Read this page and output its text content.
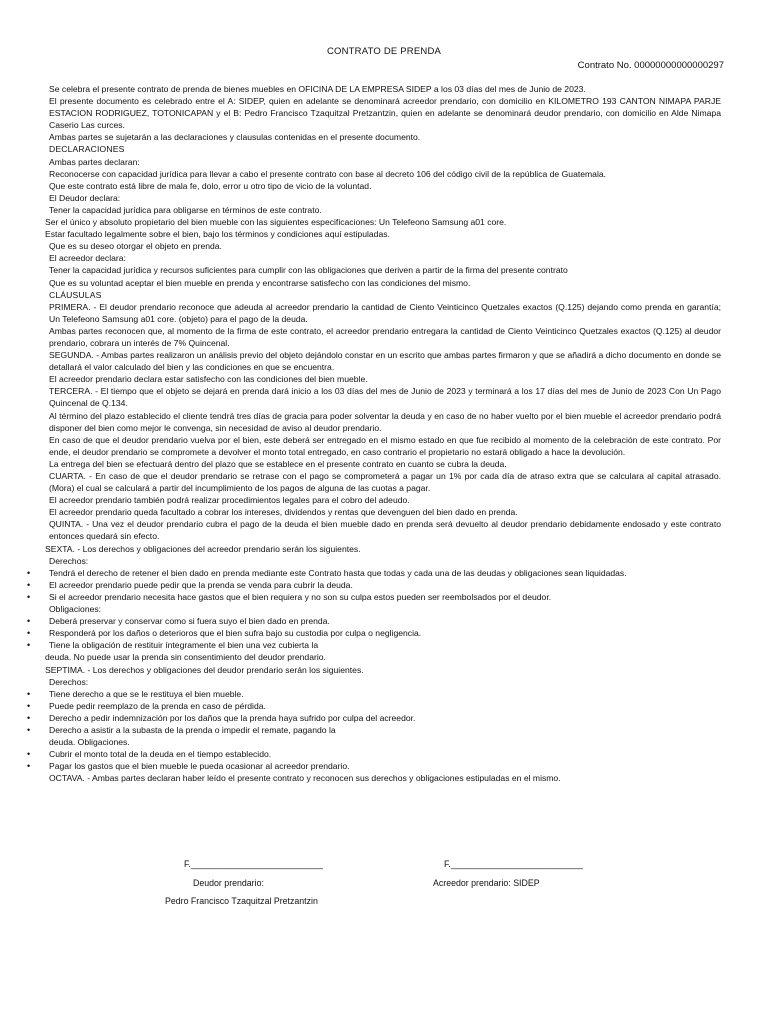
CONTRATO DE PRENDA
Contrato No. 00000000000000297

Se celebra el presente contrato de prenda de bienes muebles en OFICINA DE LA EMPRESA SIDEP a los 03 días del mes de Junio de 2023.

El presente documento es celebrado entre el A: SIDEP, quien en adelante se denominará acreedor prendario, con domicilio en KILOMETRO 193 CANTON NIMAPA PARJE ESTACION RODRIGUEZ, TOTONICAPAN y el B: Pedro Francisco Tzaquitzal Pretzantzin, quien en adelante se denominará deudor prendario, con domicilio en Alde Nimapa Caserio Las curces.

Ambas partes se sujetarán a las declaraciones y clausulas contenidas en el presente documento.

DECLARACIONES

Ambas partes declaran:

Reconocerse con capacidad jurídica para llevar a cabo el presente contrato con base al decreto 106 del código civil de la república de Guatemala.

Que este contrato está libre de mala fe, dolo, error u otro tipo de vicio de la voluntad.

El Deudor declara:

Tener la capacidad jurídica para obligarse en términos de este contrato.

Ser el único y absoluto propietario del bien mueble con las siguientes especificaciones: Un Telefeono Samsung a01 core.

Estar facultado legalmente sobre el bien, bajo los términos y condiciones aquí estipuladas.

Que es su deseo otorgar el objeto en prenda.

El acreedor declara:

Tener la capacidad jurídica y recursos suficientes para cumplir con las obligaciones que deriven a partir de la firma del presente contrato

Que es su voluntad aceptar el bien mueble en prenda y encontrarse satisfecho con las condiciones del mismo.

CLÁUSULAS

PRIMERA. - El deudor prendario reconoce que adeuda al acreedor prendario la cantidad de Ciento Veinticinco Quetzales exactos (Q.125) dejando como prenda en garantía; Un Telefeono Samsung a01 core. (objeto) para el pago de la deuda.

Ambas partes reconocen que, al momento de la firma de este contrato, el acreedor prendario entregara la cantidad de Ciento Veinticinco Quetzales exactos (Q.125) al deudor prendario, cobrara un interés de 7% Quincenal.

SEGUNDA. - Ambas partes realizaron un análisis previo del objeto dejándolo constar en un escrito que ambas partes firmaron y que se añadirá a dicho documento en donde se detallará el valor calculado del bien y las condiciones en que se encuentra.

El acreedor prendario declara estar satisfecho con las condiciones del bien mueble.

TERCERA. - El tiempo que el objeto se dejará en prenda dará inicio a los 03 días del mes de Junio de 2023 y terminará a los 17 días del mes de Junio de 2023 Con Un Pago Quincenal de Q.134.

Al término del plazo establecido el cliente tendrá tres días de gracia para poder solventar la deuda y en caso de no haber vuelto por el bien mueble el acreedor prendario podrá disponer del bien como mejor le convenga, sin necesidad de aviso al deudor prendario.

En caso de que el deudor prendario vuelva por el bien, este deberá ser entregado en el mismo estado en que fue recibido al momento de la celebración de este contrato. Por ende, el deudor prendario se compromete a devolver el monto total entregado, en caso contrario el propietario no estará obligado a hace la devolución.

La entrega del bien se efectuará dentro del plazo que se establece en el presente contrato en cuanto se cubra la deuda.

CUARTA. - En caso de que el deudor prendario se retrase con el pago se comprometerá a pagar un 1% por cada día de atraso extra que se calculara al capital atrasado. (Mora) el cual se calculará a partir del incumplimiento de los pagos de alguna de las cuotas a pagar.

El acreedor prendario también podrá realizar procedimientos legales para el cobro del adeudo.

El acreedor prendario queda facultado a cobrar los intereses, dividendos y rentas que devenguen del bien dado en prenda.

QUINTA. - Una vez el deudor prendario cubra el pago de la deuda el bien mueble dado en prenda será devuelto al deudor prendario debidamente endosado y este contrato entonces quedará sin efecto.

SEXTA. - Los derechos y obligaciones del acreedor prendario serán los siguientes.

Derechos:

• Tendrá el derecho de retener el bien dado en prenda mediante este Contrato hasta que todas y cada una de las deudas y obligaciones sean liquidadas.

• El acreedor prendario puede pedir que la prenda se venda para cubrir la deuda.

• Si el acreedor prendario necesita hace gastos que el bien requiera y no son su culpa estos pueden ser reembolsados por el deudor.

Obligaciones:

• Deberá preservar y conservar como si fuera suyo el bien dado en prenda.

• Responderá por los daños o deterioros que el bien sufra bajo su custodia por culpa o negligencia.

• Tiene la obligación de restituir íntegramente el bien una vez cubierta la

deuda. No puede usar la prenda sin consentimiento del deudor prendario.

SEPTIMA. - Los derechos y obligaciones del deudor prendario serán los siguientes.

Derechos:

• Tiene derecho a que se le restituya el bien mueble.

• Puede pedir reemplazo de la prenda en caso de pérdida.

• Derecho a pedir indemnización por los daños que la prenda haya sufrido por culpa del acreedor.

• Derecho a asistir a la subasta de la prenda o impedir el remate, pagando la

deuda. Obligaciones.

• Cubrir el monto total de la deuda en el tiempo establecido.

• Pagar los gastos que el bien mueble le pueda ocasionar al acreedor prendario.

OCTAVA. - Ambas partes declaran haber leído el presente contrato y reconocen sus derechos y obligaciones estipuladas en el mismo.

F.___________________________	F.___________________________
Deudor prendario:	Acreedor prendario: SIDEP
Pedro Francisco Tzaquitzal Pretzantzin
